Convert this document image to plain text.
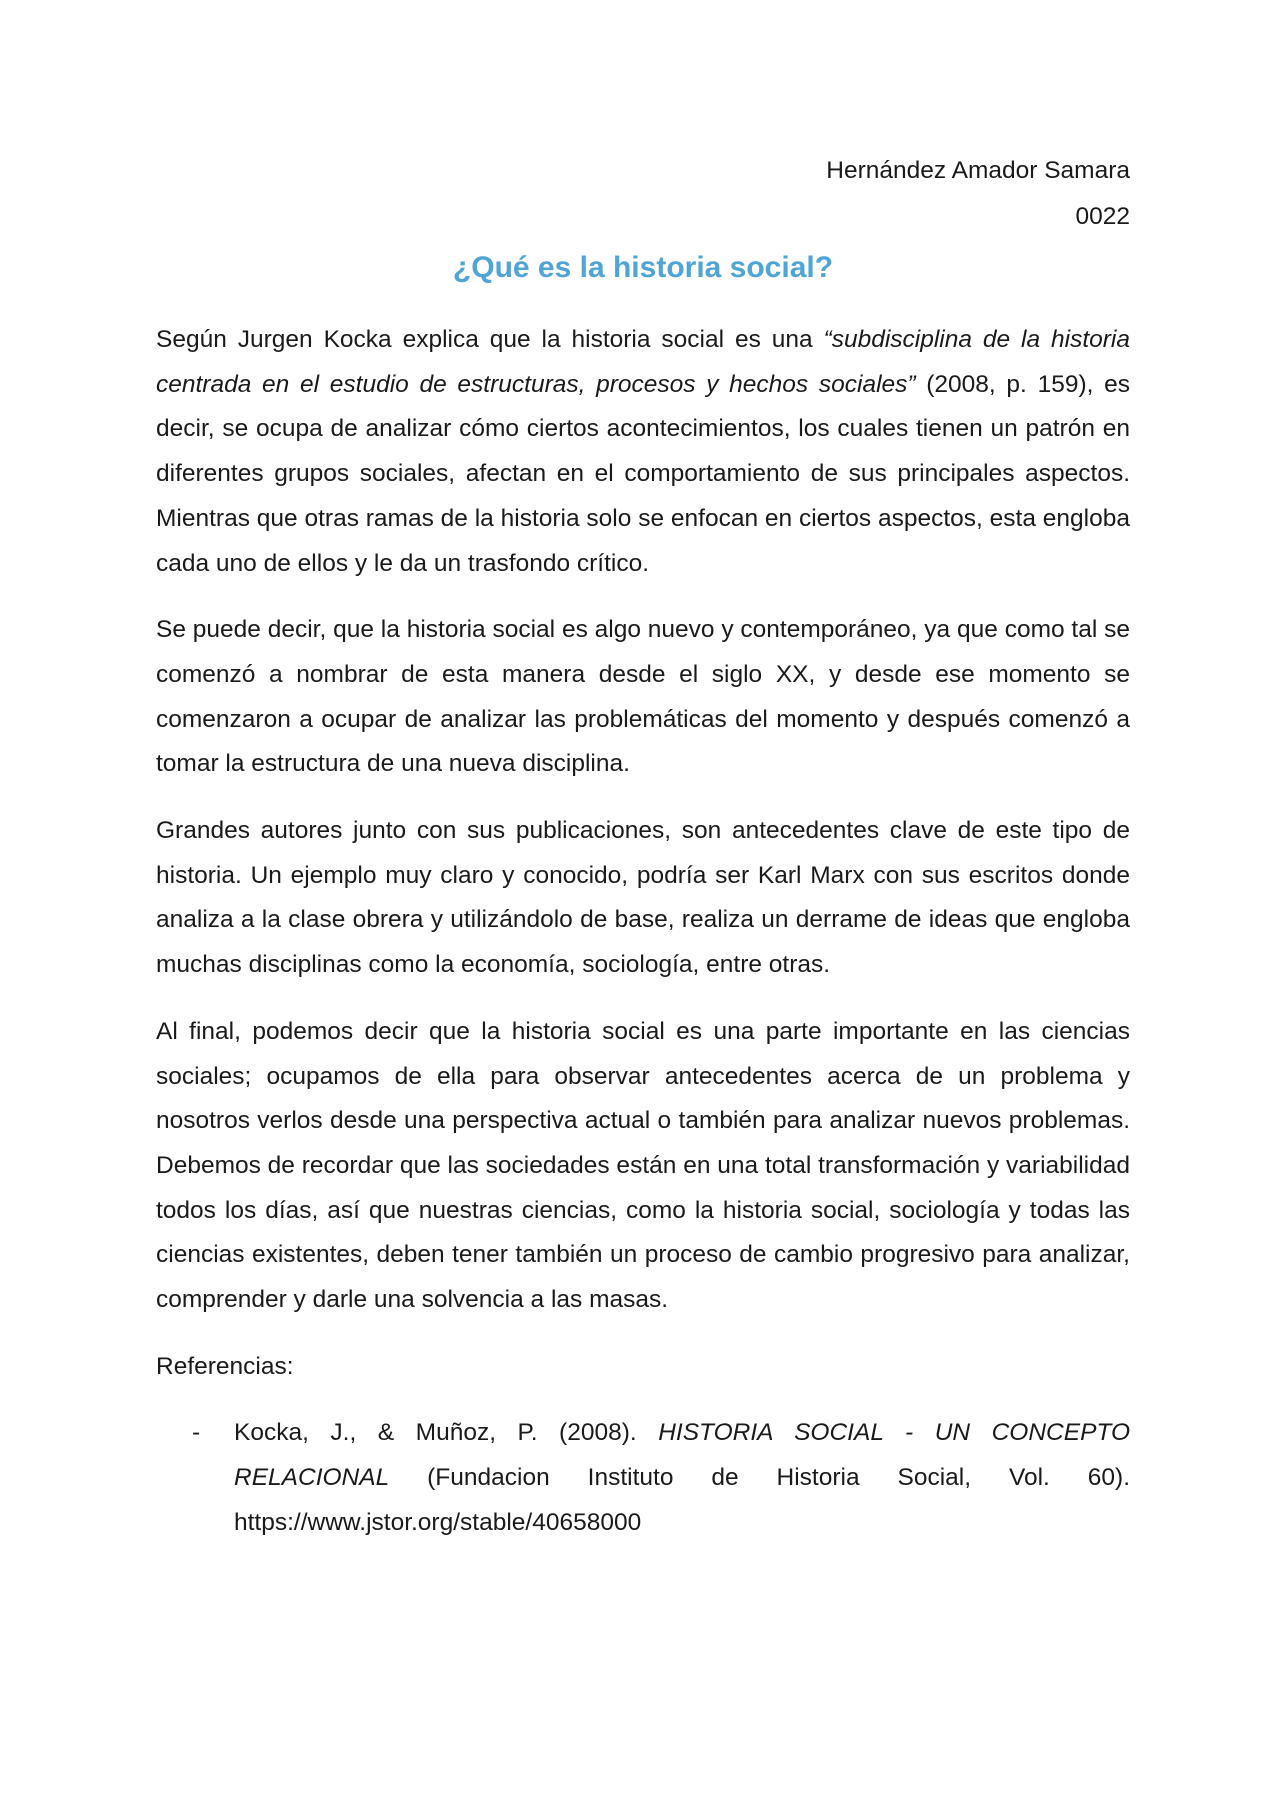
Hernández Amador Samara

0022

¿Qué es la historia social?

Según Jurgen Kocka explica que la historia social es una “subdisciplina de la historia centrada en el estudio de estructuras, procesos y hechos sociales” (2008, p. 159), es decir, se ocupa de analizar cómo ciertos acontecimientos, los cuales tienen un patrón en diferentes grupos sociales, afectan en el comportamiento de sus principales aspectos. Mientras que otras ramas de la historia solo se enfocan en ciertos aspectos, esta engloba cada uno de ellos y le da un trasfondo crítico.

Se puede decir, que la historia social es algo nuevo y contemporáneo, ya que como tal se comenzó a nombrar de esta manera desde el siglo XX, y desde ese momento se comenzaron a ocupar de analizar las problemáticas del momento y después comenzó a tomar la estructura de una nueva disciplina.

Grandes autores junto con sus publicaciones, son antecedentes clave de este tipo de historia. Un ejemplo muy claro y conocido, podría ser Karl Marx con sus escritos donde analiza a la clase obrera y utilizándolo de base, realiza un derrame de ideas que engloba muchas disciplinas como la economía, sociología, entre otras.

Al final, podemos decir que la historia social es una parte importante en las ciencias sociales; ocupamos de ella para observar antecedentes acerca de un problema y nosotros verlos desde una perspectiva actual o también para analizar nuevos problemas. Debemos de recordar que las sociedades están en una total transformación y variabilidad todos los días, así que nuestras ciencias, como la historia social, sociología y todas las ciencias existentes, deben tener también un proceso de cambio progresivo para analizar, comprender y darle una solvencia a las masas.

Referencias:

- Kocka, J., & Muñoz, P. (2008). HISTORIA SOCIAL - UN CONCEPTO RELACIONAL (Fundacion Instituto de Historia Social, Vol. 60). https://www.jstor.org/stable/40658000
